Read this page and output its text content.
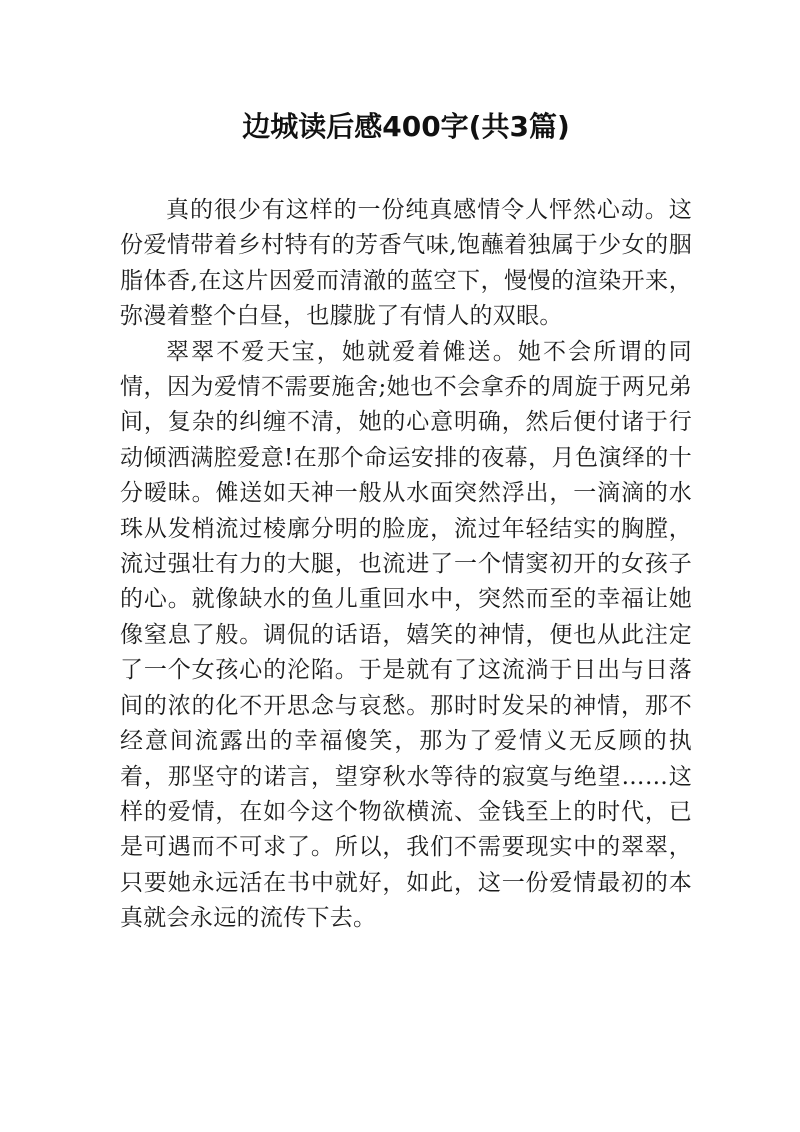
边城读后感400字(共3篇)

真的很少有这样的一份纯真感情令人怦然心动。这份爱情带着乡村特有的芳香气味,饱蘸着独属于少女的胭脂体香,在这片因爱而清澈的蓝空下，慢慢的渲染开来，弥漫着整个白昼，也朦胧了有情人的双眼。

翠翠不爱天宝，她就爱着傩送。她不会所谓的同情，因为爱情不需要施舍;她也不会拿乔的周旋于两兄弟间，复杂的纠缠不清，她的心意明确，然后便付诸于行动倾洒满腔爱意!在那个命运安排的夜幕，月色演绎的十分暧昧。傩送如天神一般从水面突然浮出，一滴滴的水珠从发梢流过棱廓分明的脸庞，流过年轻结实的胸膛，流过强壮有力的大腿，也流进了一个情窦初开的女孩子的心。就像缺水的鱼儿重回水中，突然而至的幸福让她像窒息了般。调侃的话语，嬉笑的神情，便也从此注定了一个女孩心的沦陷。于是就有了这流淌于日出与日落间的浓的化不开思念与哀愁。那时时发呆的神情，那不经意间流露出的幸福傻笑，那为了爱情义无反顾的执着，那坚守的诺言，望穿秋水等待的寂寞与绝望……这样的爱情，在如今这个物欲横流、金钱至上的时代，已是可遇而不可求了。所以，我们不需要现实中的翠翠，只要她永远活在书中就好，如此，这一份爱情最初的本真就会永远的流传下去。
